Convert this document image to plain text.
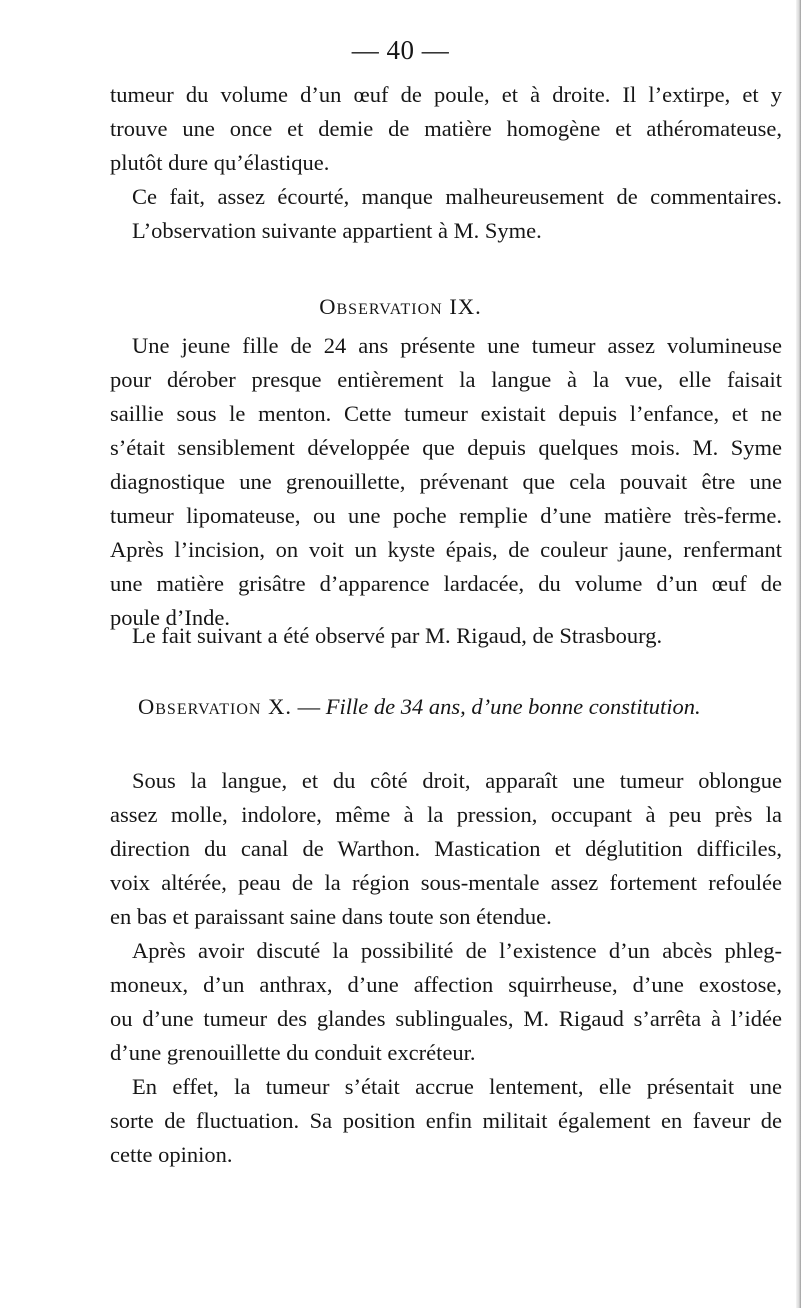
— 40 —
tumeur du volume d’un œuf de poule, et à droite. Il l’extirpe, et y
trouve une once et demie de matière homogène et athéromateuse,
plutôt dure qu’élastique.
Ce fait, assez écourté, manque malheureusement de commentaires.
L’observation suivante appartient à M. Syme.
Observation IX.
Une jeune fille de 24 ans présente une tumeur assez volumineuse
pour dérober presque entièrement la langue à la vue, elle faisait
saillie sous le menton. Cette tumeur existait depuis l’enfance, et ne
s’était sensiblement développée que depuis quelques mois. M. Syme
diagnostique une grenouillette, prévenant que cela pouvait être une
tumeur lipomateuse, ou une poche remplie d’une matière très-ferme.
Après l’incision, on voit un kyste épais, de couleur jaune, renfermant
une matière grisâtre d’apparence lardacée, du volume d’un œuf de
poule d’Inde.
Le fait suivant a été observé par M. Rigaud, de Strasbourg.
Observation X. — Fille de 34 ans, d’une bonne constitution.
Sous la langue, et du côté droit, apparaît une tumeur oblongue
assez molle, indolore, même à la pression, occupant à peu près la
direction du canal de Warthon. Mastication et déglutition difficiles,
voix altérée, peau de la région sous-mentale assez fortement refoulée
en bas et paraissant saine dans toute son étendue.
Après avoir discuté la possibilité de l’existence d’un abcès phleg-
moneux, d’un anthrax, d’une affection squirrheuse, d’une exostose,
ou d’une tumeur des glandes sublinguales, M. Rigaud s’arrêta à l’idée
d’une grenouillette du conduit excréteur.
En effet, la tumeur s’était accrue lentement, elle présentait une
sorte de fluctuation. Sa position enfin militait également en faveur de
cette opinion.
